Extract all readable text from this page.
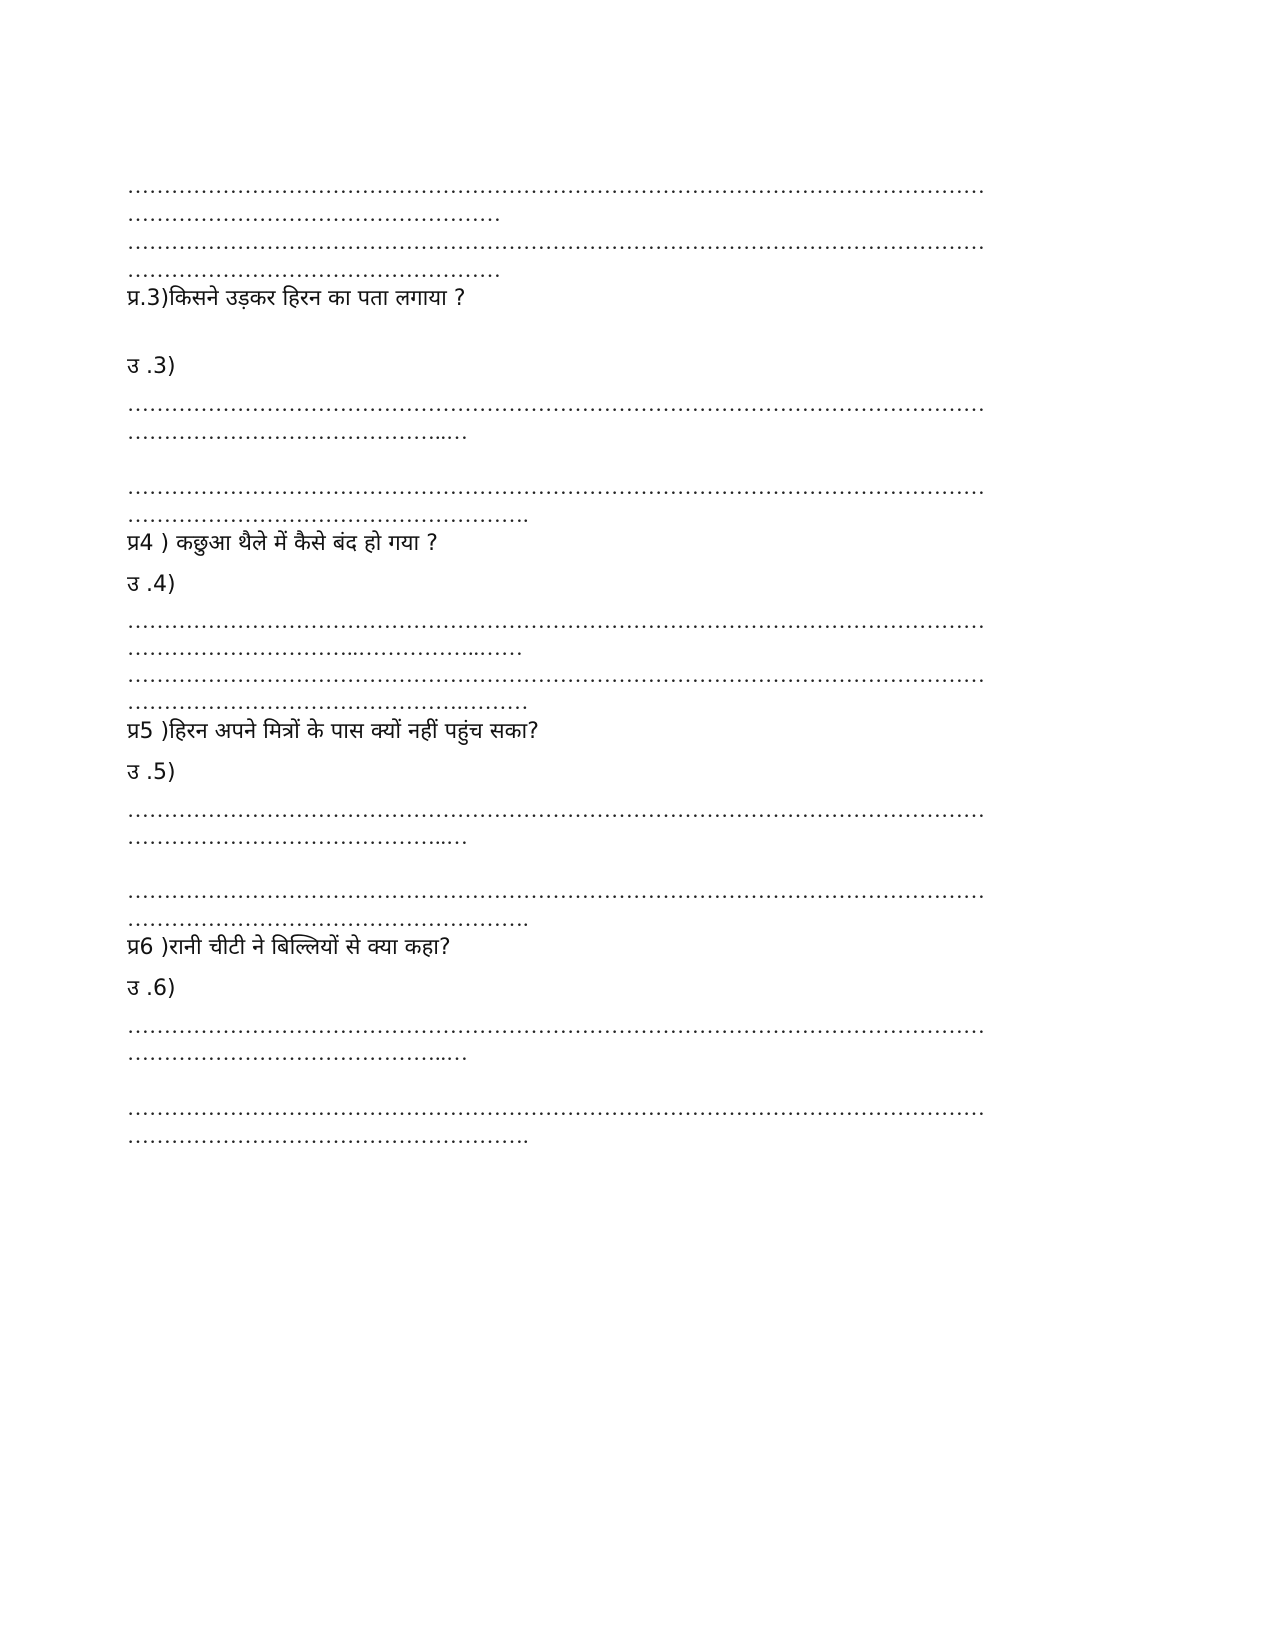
………………………………………………………………………………………………………
……………………………………………
………………………………………………………………………………………………………
……………………………………………
प्र.3)किसने उड़कर हिरन का पता लगाया ?
उ .3)
………………………………………………………………………………………………………
……………………………………..…
………………………………………………………………………………………………………
……………………………………………….
प्र4 ) कछुआ थैले में कैसे बंद हो गया ?
उ .4)
………………………………………………………………………………………………………
…………………………..……………..……
………………………………………………………………………………………………………
……………………………………….………
प्र5 )हिरन अपने मित्रों के पास क्यों नहीं पहुंच सका?
उ .5)
………………………………………………………………………………………………………
……………………………………..…
………………………………………………………………………………………………………
……………………………………………….
प्र6 )रानी चीटी ने बिल्लियों से क्या कहा?
उ .6)
………………………………………………………………………………………………………
……………………………………..…
………………………………………………………………………………………………………
……………………………………………….
